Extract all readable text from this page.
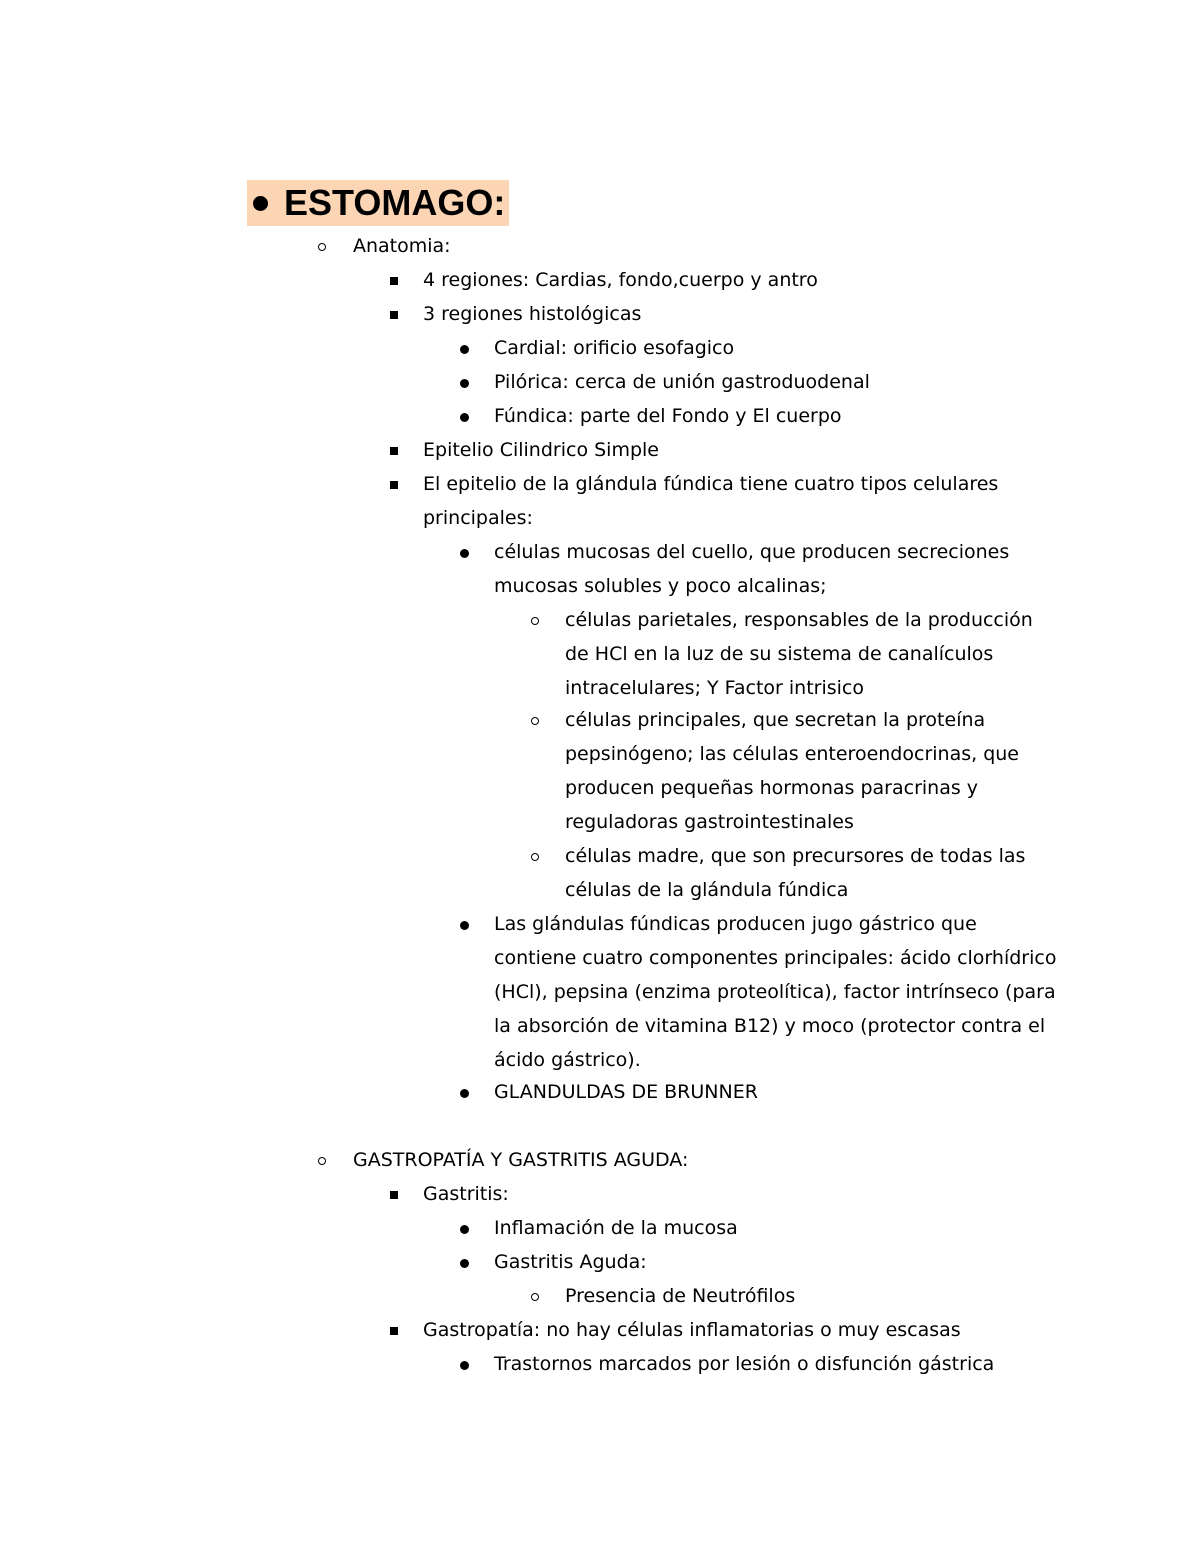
ESTOMAGO:
Anatomia:
4 regiones: Cardias, fondo,cuerpo y antro
3 regiones histológicas
Cardial: orificio esofagico
Pilórica: cerca de unión gastroduodenal
Fúndica: parte del Fondo y El cuerpo
Epitelio Cilindrico Simple
El epitelio de la glándula fúndica tiene cuatro tipos celulares
principales:
células mucosas del cuello, que producen secreciones
mucosas solubles y poco alcalinas;
células parietales, responsables de la producción
de HCl en la luz de su sistema de canalículos
intracelulares; Y Factor intrisico
células principales, que secretan la proteína
pepsinógeno; las células enteroendocrinas, que
producen pequeñas hormonas paracrinas y
reguladoras gastrointestinales
células madre, que son precursores de todas las
células de la glándula fúndica
Las glándulas fúndicas producen jugo gástrico que
contiene cuatro componentes principales: ácido clorhídrico
(HCl), pepsina (enzima proteolítica), factor intrínseco (para
la absorción de vitamina B12) y moco (protector contra el
ácido gástrico).
GLANDULDAS DE BRUNNER
GASTROPATÍA Y GASTRITIS AGUDA:
Gastritis:
Inflamación de la mucosa
Gastritis Aguda:
Presencia de Neutrófilos
Gastropatía: no hay células inflamatorias o muy escasas
Trastornos marcados por lesión o disfunción gástrica
